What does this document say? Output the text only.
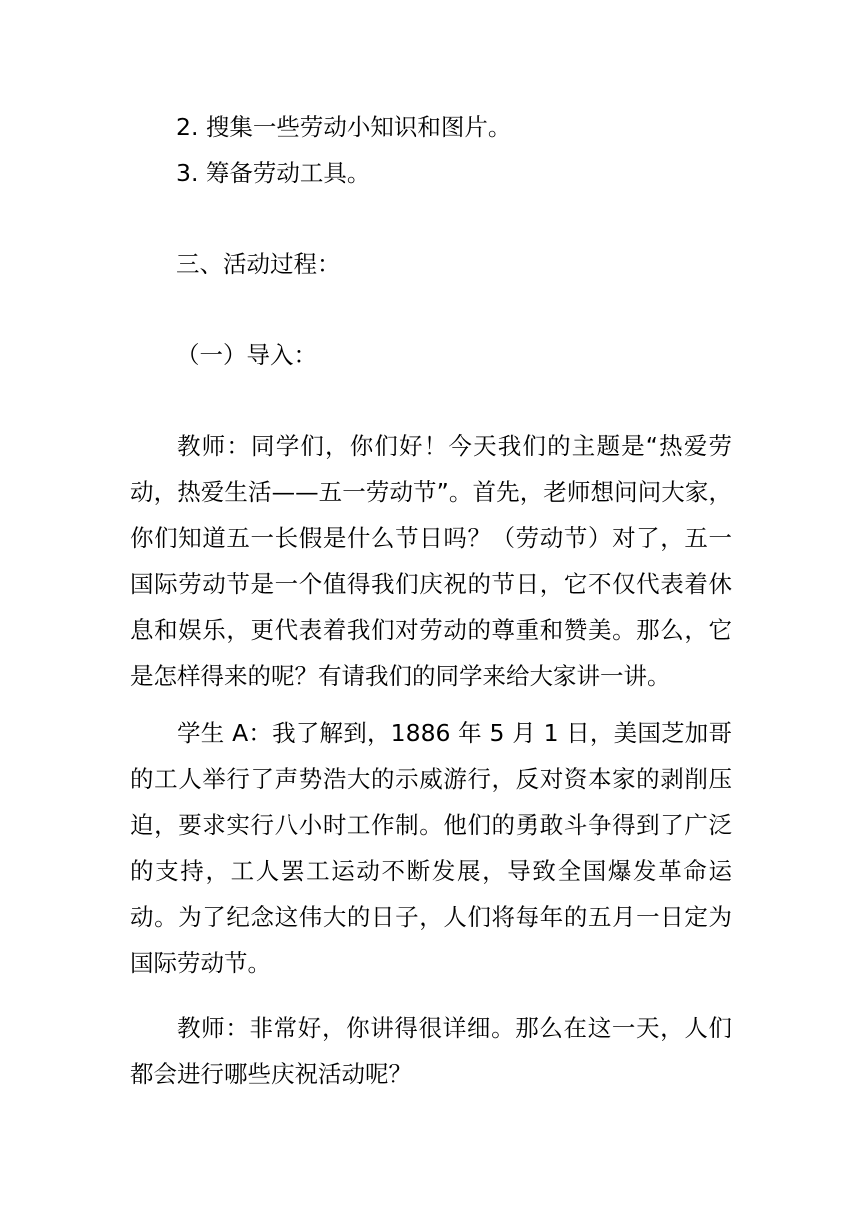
2. 搜集一些劳动小知识和图片。
3. 筹备劳动工具。
三、活动过程：
（一）导入：

教师：同学们，你们好！今天我们的主题是“热爱劳动，热爱生活——五一劳动节”。首先，老师想问问大家，你们知道五一长假是什么节日吗？（劳动节）对了，五一国际劳动节是一个值得我们庆祝的节日，它不仅代表着休息和娱乐，更代表着我们对劳动的尊重和赞美。那么，它是怎样得来的呢？有请我们的同学来给大家讲一讲。

学生 A：我了解到，1886 年 5 月 1 日，美国芝加哥的工人举行了声势浩大的示威游行，反对资本家的剥削压迫，要求实行八小时工作制。他们的勇敢斗争得到了广泛的支持，工人罢工运动不断发展，导致全国爆发革命运动。为了纪念这伟大的日子，人们将每年的五月一日定为国际劳动节。

教师：非常好，你讲得很详细。那么在这一天，人们都会进行哪些庆祝活动呢？
